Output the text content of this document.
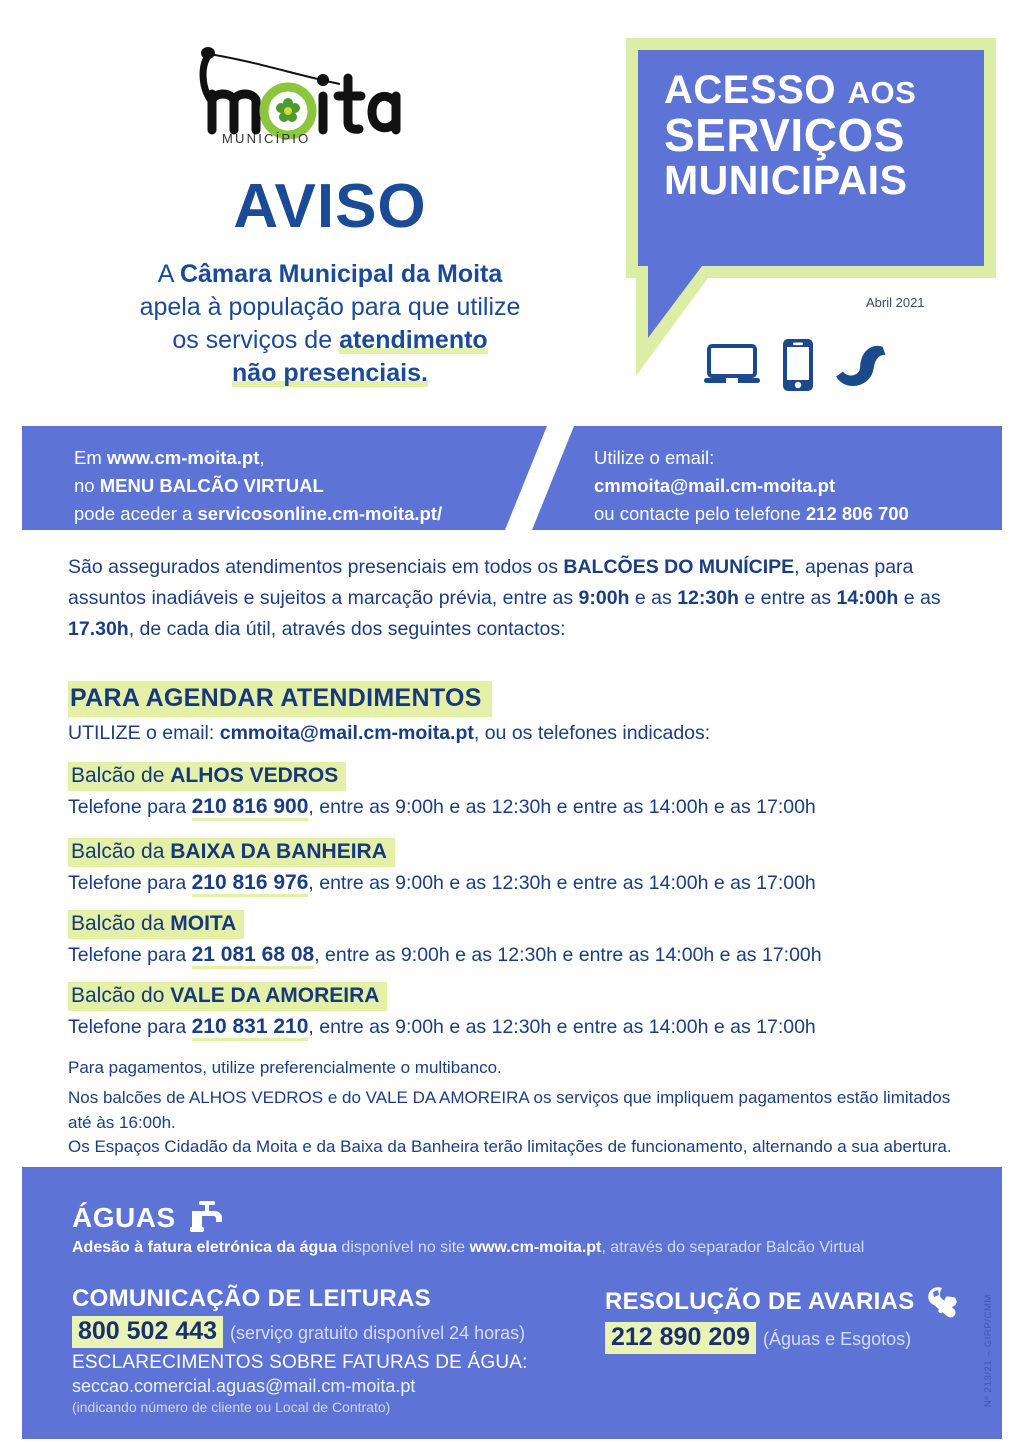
MUNICÍPIO
AVISO
A Câmara Municipal da Moita
apela à população para que utilize
os serviços de atendimento
não presenciais.
ACESSO AOS
SERVIÇOS
MUNICIPAIS
Abril 2021
Em www.cm-moita.pt,
no MENU BALCÃO VIRTUAL
pode aceder a servicosonline.cm-moita.pt/
Utilize o email:
cmmoita@mail.cm-moita.pt
ou contacte pelo telefone 212 806 700
São assegurados atendimentos presenciais em todos os BALCÕES DO MUNÍCIPE, apenas para assuntos inadiáveis e sujeitos a marcação prévia, entre as 9:00h e as 12:30h e entre as 14:00h e as 17.30h, de cada dia útil, através dos seguintes contactos:
PARA AGENDAR ATENDIMENTOS
UTILIZE o email: cmmoita@mail.cm-moita.pt, ou os telefones indicados:
Balcão de ALHOS VEDROS
Telefone para 210 816 900, entre as 9:00h e as 12:30h e entre as 14:00h e as 17:00h
Balcão da BAIXA DA BANHEIRA
Telefone para 210 816 976, entre as 9:00h e as 12:30h e entre as 14:00h e as 17:00h
Balcão da MOITA
Telefone para 21 081 68 08, entre as 9:00h e as 12:30h e entre as 14:00h e as 17:00h
Balcão do VALE DA AMOREIRA
Telefone para 210 831 210, entre as 9:00h e as 12:30h e entre as 14:00h e as 17:00h
Para pagamentos, utilize preferencialmente o multibanco.
Nos balcões de ALHOS VEDROS e do VALE DA AMOREIRA os serviços que impliquem pagamentos estão limitados até às 16:00h.
Os Espaços Cidadão da Moita e da Baixa da Banheira terão limitações de funcionamento, alternando a sua abertura.
ÁGUAS
Adesão à fatura eletrónica da água disponível no site www.cm-moita.pt, através do separador Balcão Virtual
COMUNICAÇÃO DE LEITURAS
800 502 443 (serviço gratuito disponível 24 horas)
ESCLARECIMENTOS SOBRE FATURAS DE ÁGUA:
seccao.comercial.aguas@mail.cm-moita.pt
(indicando número de cliente ou Local de Contrato)
RESOLUÇÃO DE AVARIAS
212 890 209 (Águas e Esgotos)	Nº 213/21 – GIRP/CMM
